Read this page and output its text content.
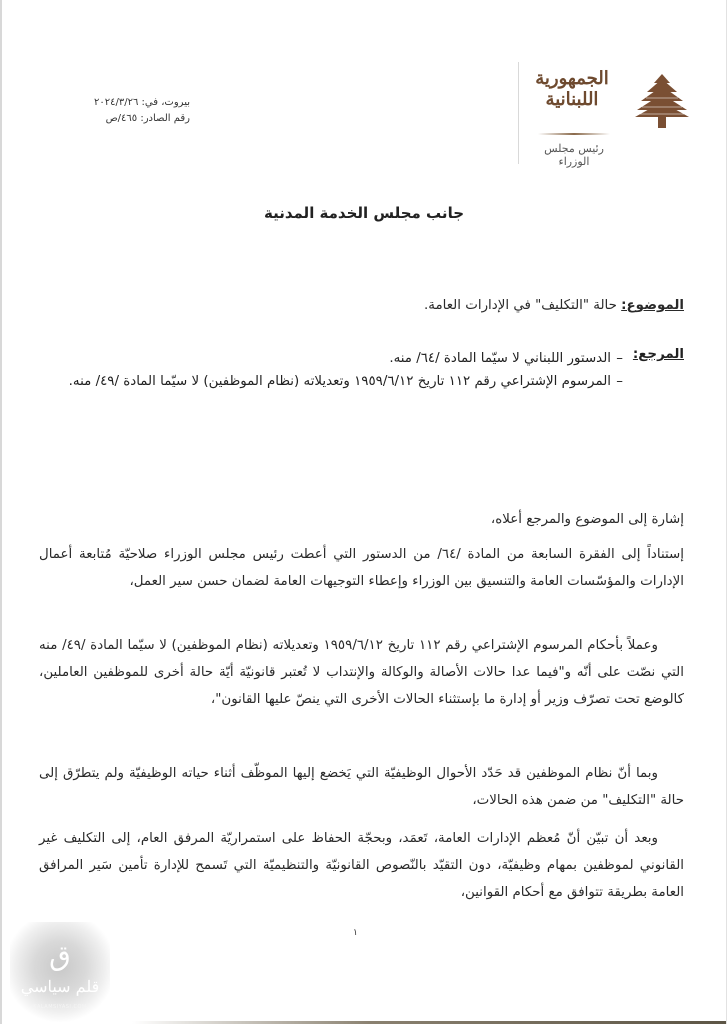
بيروت، في: ٢٠٢٤/٣/٢٦
رقم الصادر: ٤٦٥/ص
الجمهورية
اللبنانية
رئيس مجلس الوزراء
جانب مجلس الخدمة المدنية
الموضوع: حالة "التكليف" في الإدارات العامة.
المرجع:
–
الدستور اللبناني لا سيّما المادة /٦٤/ منه.
–
المرسوم الإشتراعي رقم ١١٢ تاريخ ١٩٥٩/٦/١٢ وتعديلاته (نظام الموظفين) لا سيّما المادة /٤٩/ منه.
إشارة إلى الموضوع والمرجع أعلاه،
إستناداً إلى الفقرة السابعة من المادة /٦٤/ من الدستور التي أعطت رئيس مجلس الوزراء صلاحيّة مُتابعة أعمال الإدارات والمؤسّسات العامة والتنسيق بين الوزراء وإعطاء التوجيهات العامة لضمان حسن سير العمل،
وعملاً بأحكام المرسوم الإشتراعي رقم ١١٢ تاريخ ١٩٥٩/٦/١٢ وتعديلاته (نظام الموظفين) لا سيّما المادة /٤٩/ منه التي نصّت على أنّه و"فيما عدا حالات الأصالة والوكالة والإنتداب لا تُعتبر قانونيّة أيّة حالة أخرى للموظفين العاملين، كالوضع تحت تصرّف وزير أو إدارة ما بإستثناء الحالات الأخرى التي ينصّ عليها القانون"،
وبما أنّ نظام الموظفين قد حَدّد الأحوال الوظيفيّة التي يَخضع إليها الموظّف أثناء حياته الوظيفيّة ولم يتطرّق إلى حالة "التكليف" من ضمن هذه الحالات،
وبعد أن تبيّن أنّ مُعظم الإدارات العامة، تَعمَد، وبحجّة الحفاظ على استمراريّة المرفق العام، إلى التكليف غير القانوني لموظفين بمهام وظيفيّة، دون التقيّد بالنّصوص القانونيّة والتنظيميّة التي تَسمح للإدارة تأمين سَير المرافق العامة بطريقة تتوافق مع أحكام القوانين،
١
ق
قلم سياسي
KALAMSIYASI.COM
